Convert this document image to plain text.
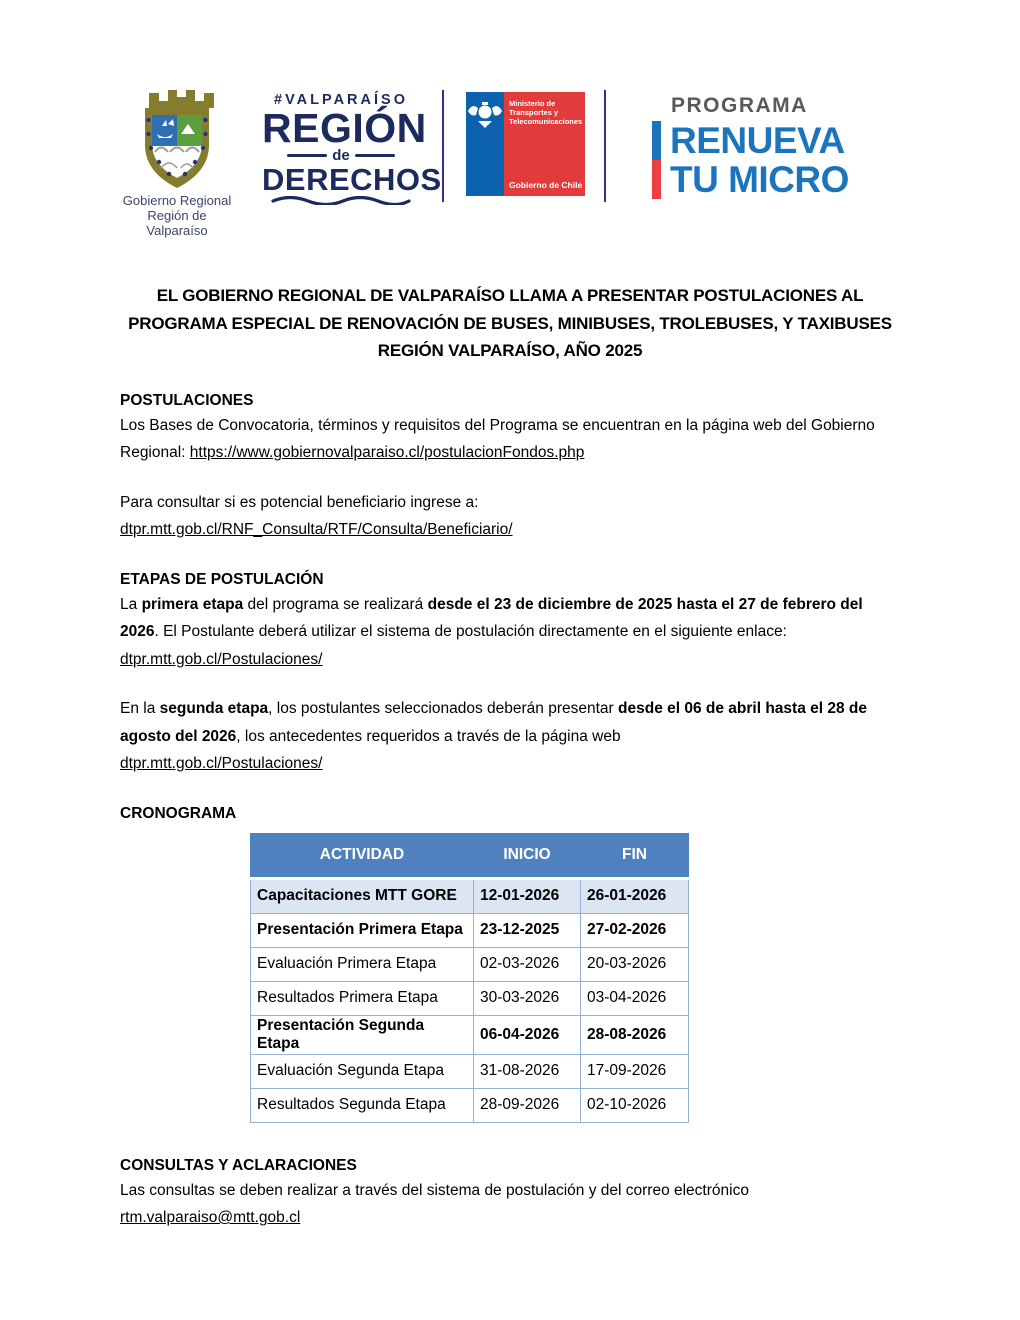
Gobierno Regional
Región de Valparaíso
#VALPARAÍSO
REGIÓN
de
DERECHOS
Ministerio de
Transportes y
Telecomunicaciones
Gobierno de Chile
PROGRAMA
RENUEVA
TU MICRO
EL GOBIERNO REGIONAL DE VALPARAÍSO LLAMA A PRESENTAR POSTULACIONES AL
PROGRAMA ESPECIAL DE RENOVACIÓN DE BUSES, MINIBUSES, TROLEBUSES, Y TAXIBUSES
REGIÓN VALPARAÍSO, AÑO 2025
POSTULACIONES

Los Bases de Convocatoria, términos y requisitos del Programa se encuentran en la página web del Gobierno Regional: https://www.gobiernovalparaiso.cl/postulacionFondos.php

Para consultar si es potencial beneficiario ingrese a:
dtpr.mtt.gob.cl/RNF_Consulta/RTF/Consulta/Beneficiario/

ETAPAS DE POSTULACIÓN

La primera etapa del programa se realizará desde el 23 de diciembre de 2025 hasta el 27 de febrero del 2026. El Postulante deberá utilizar el sistema de postulación directamente en el siguiente enlace:
dtpr.mtt.gob.cl/Postulaciones/

En la segunda etapa, los postulantes seleccionados deberán presentar desde el 06 de abril hasta el 28 de agosto del 2026, los antecedentes requeridos a través de la página web
dtpr.mtt.gob.cl/Postulaciones/

CRONOGRAMA
ACTIVIDAD	INICIO	FIN
Capacitaciones MTT GORE	12-01-2026	26-01-2026
Presentación Primera Etapa	23-12-2025	27-02-2026
Evaluación Primera Etapa	02-03-2026	20-03-2026
Resultados Primera Etapa	30-03-2026	03-04-2026
Presentación Segunda Etapa	06-04-2026	28-08-2026
Evaluación Segunda Etapa	31-08-2026	17-09-2026
Resultados Segunda Etapa	28-09-2026	02-10-2026
CONSULTAS Y ACLARACIONES

Las consultas se deben realizar a través del sistema de postulación y del correo electrónico
rtm.valparaiso@mtt.gob.cl
